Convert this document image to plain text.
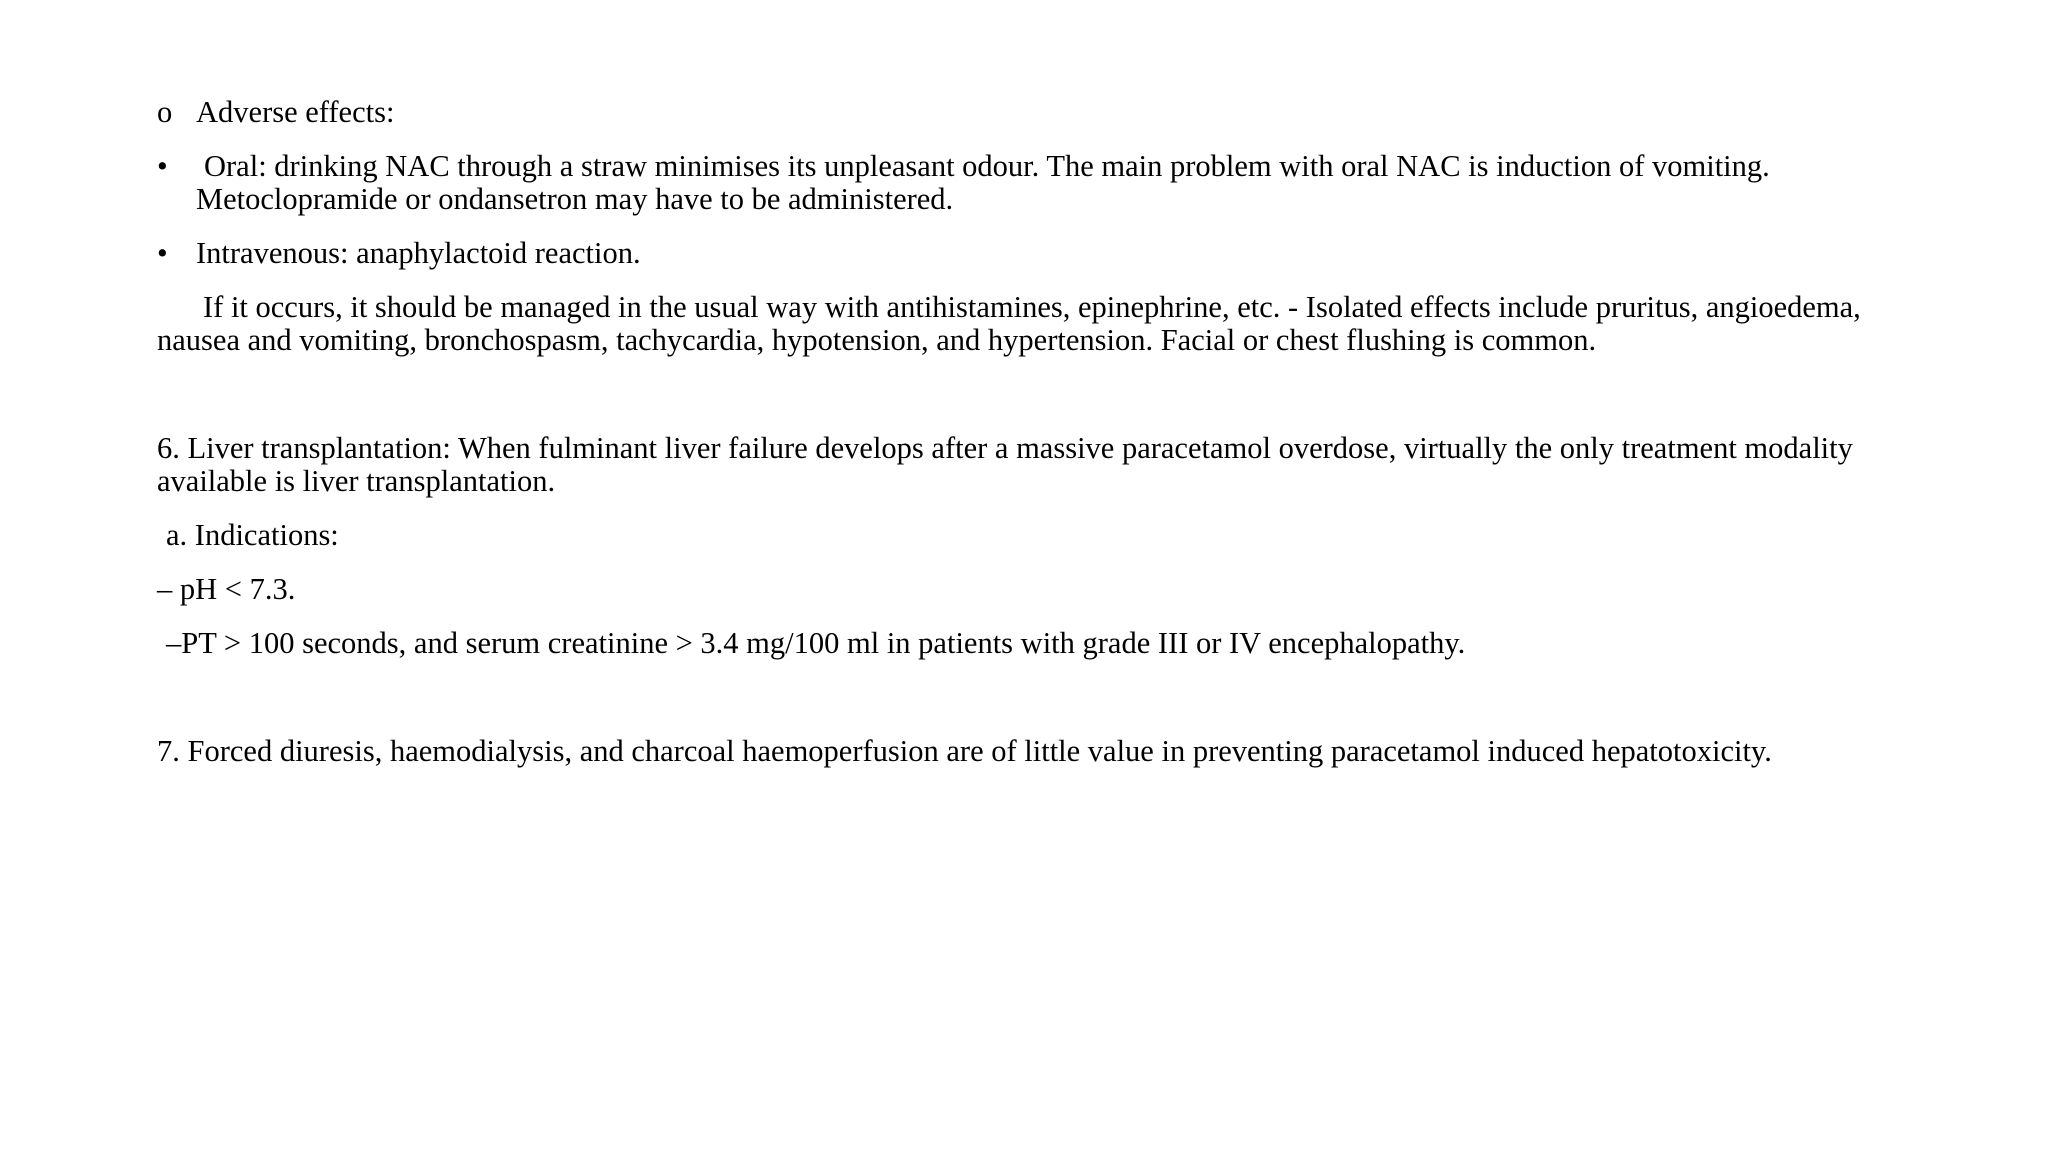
o Adverse effects:
• Oral: drinking NAC through a straw minimises its unpleasant odour. The main problem with oral NAC is induction of vomiting. Metoclopramide or ondansetron may have to be administered.
• Intravenous: anaphylactoid reaction.
If it occurs, it should be managed in the usual way with antihistamines, epinephrine, etc. - Isolated effects include pruritus, angioedema, nausea and vomiting, bronchospasm, tachycardia, hypotension, and hypertension. Facial or chest flushing is common.
6. Liver transplantation: When fulminant liver failure develops after a massive paracetamol overdose, virtually the only treatment modality available is liver transplantation.
a. Indications:
– pH < 7.3.
–PT > 100 seconds, and serum creatinine > 3.4 mg/100 ml in patients with grade III or IV encephalopathy.
7. Forced diuresis, haemodialysis, and charcoal haemoperfusion are of little value in preventing paracetamol induced hepatotoxicity.
